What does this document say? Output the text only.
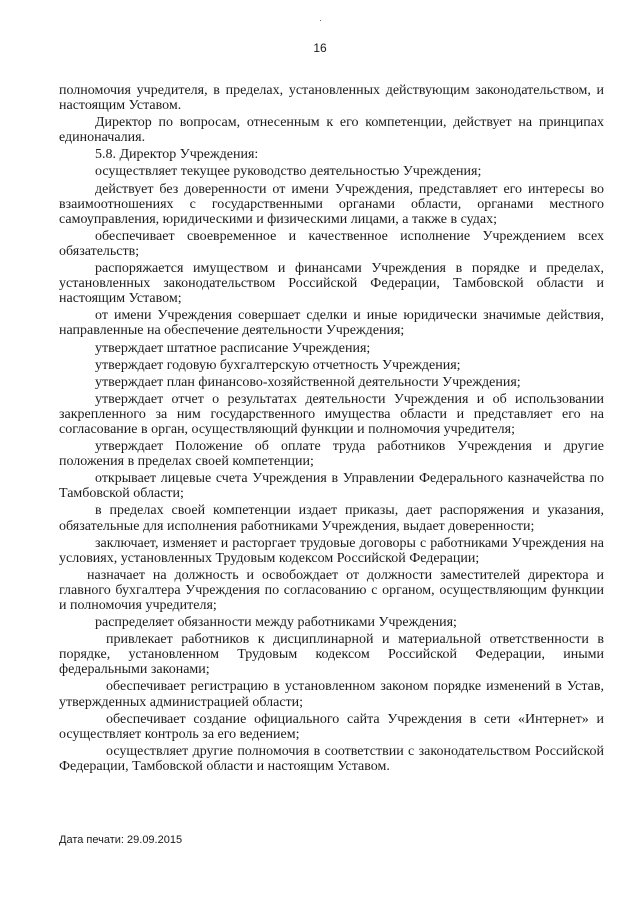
16

полномочия учредителя, в пределах, установленных действующим законодательством, и настоящим Уставом.

Директор по вопросам, отнесенным к его компетенции, действует на принципах единоначалия.

5.8. Директор Учреждения:

осуществляет текущее руководство деятельностью Учреждения;

действует без доверенности от имени Учреждения, представляет его интересы во взаимоотношениях с государственными органами области, органами местного самоуправления, юридическими и физическими лицами, а также в судах;

обеспечивает своевременное и качественное исполнение Учреждением всех обязательств;

распоряжается имуществом и финансами Учреждения в порядке и пределах, установленных законодательством Российской Федерации, Тамбовской области и настоящим Уставом;

от имени Учреждения совершает сделки и иные юридически значимые действия, направленные на обеспечение деятельности Учреждения;

утверждает штатное расписание Учреждения;

утверждает годовую бухгалтерскую отчетность Учреждения;

утверждает план финансово-хозяйственной деятельности Учреждения;

утверждает отчет о результатах деятельности Учреждения и об использовании закрепленного за ним государственного имущества области и представляет его на согласование в орган, осуществляющий функции и полномочия учредителя;

утверждает Положение об оплате труда работников Учреждения и другие положения в пределах своей компетенции;

открывает лицевые счета Учреждения в Управлении Федерального казначейства по Тамбовской области;

в пределах своей компетенции издает приказы, дает распоряжения и указания, обязательные для исполнения работниками Учреждения, выдает доверенности;

заключает, изменяет и расторгает трудовые договоры с работниками Учреждения на условиях, установленных Трудовым кодексом Российской Федерации;

назначает на должность и освобождает от должности заместителей директора и главного бухгалтера Учреждения по согласованию с органом, осуществляющим функции и полномочия учредителя;

распределяет обязанности между работниками Учреждения;

привлекает работников к дисциплинарной и материальной ответственности в порядке, установленном Трудовым кодексом Российской Федерации, иными федеральными законами;

обеспечивает регистрацию в установленном законом порядке изменений в Устав, утвержденных администрацией области;

обеспечивает создание официального сайта Учреждения в сети «Интернет» и осуществляет контроль за его ведением;

осуществляет другие полномочия в соответствии с законодательством Российской Федерации, Тамбовской области и настоящим Уставом.

Дата печати: 29.09.2015
